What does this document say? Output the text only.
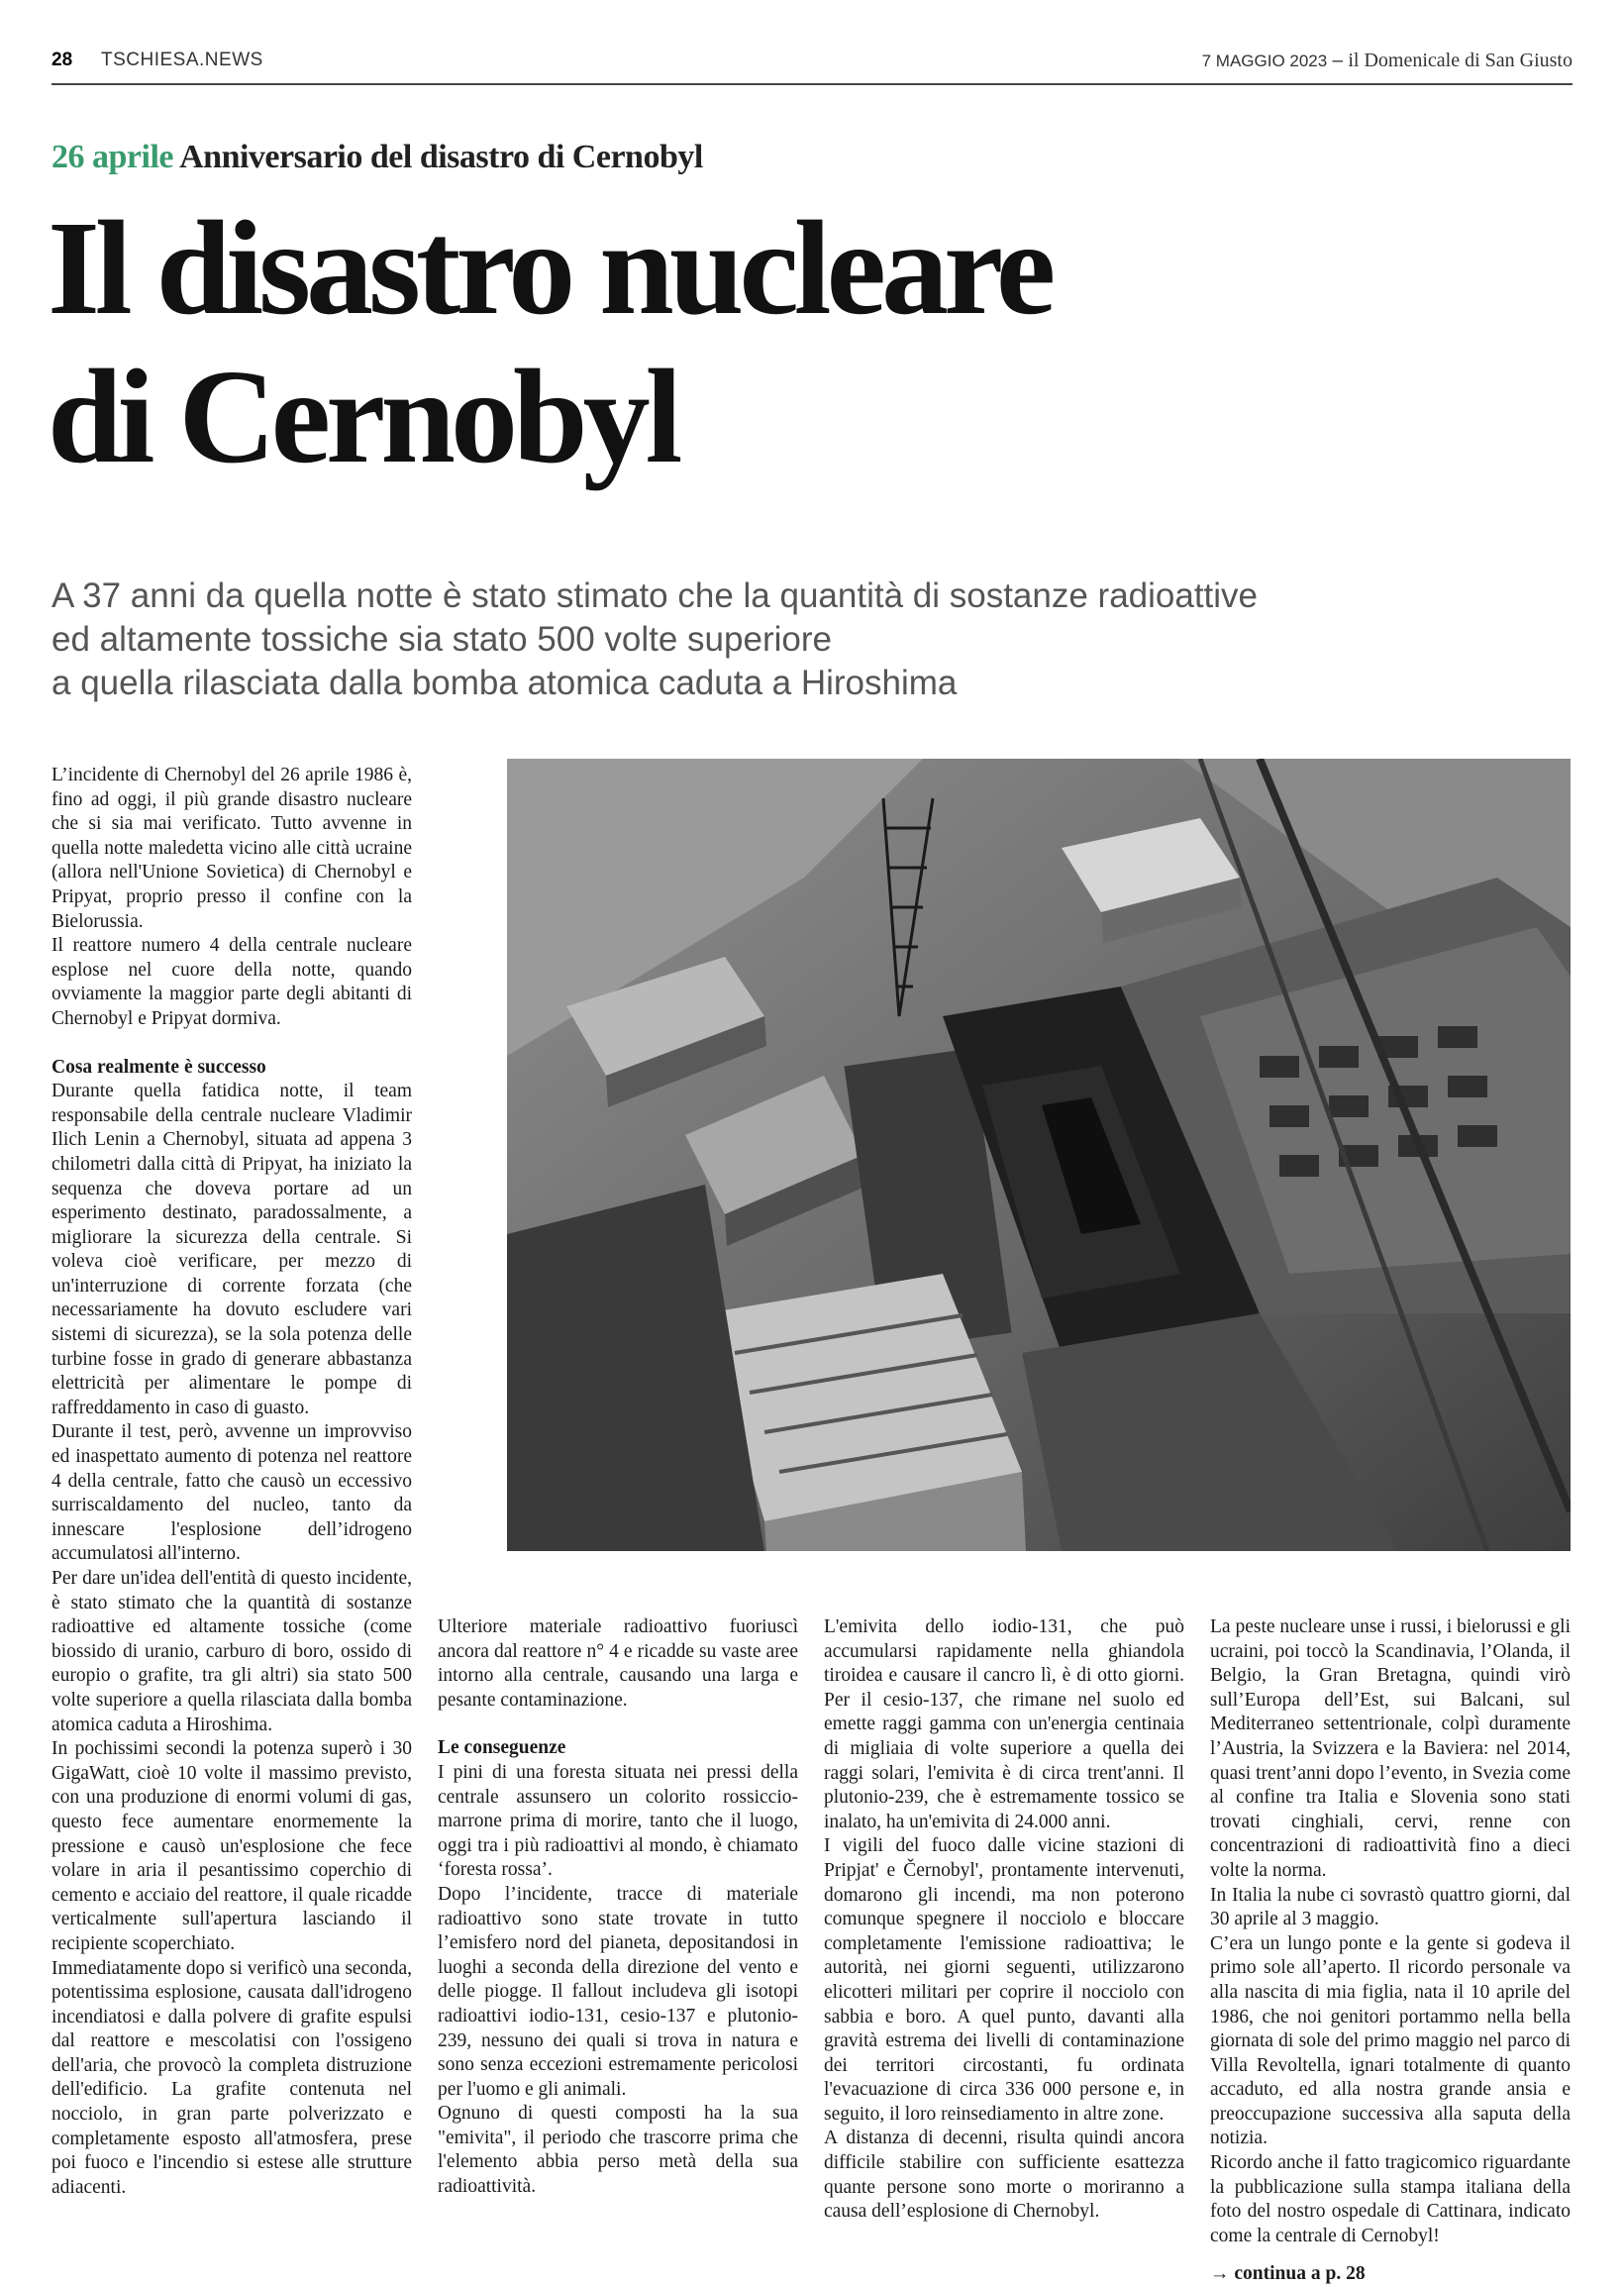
28 TSCHIESA.NEWS	7 MAGGIO 2023 – il Domenicale di San Giusto
26 aprile Anniversario del disastro di Cernobyl
Il disastro nucleare
di Cernobyl

A 37 anni da quella notte è stato stimato che la quantità di sostanze radioattive
ed altamente tossiche sia stato 500 volte superiore
a quella rilasciata dalla bomba atomica caduta a Hiroshima

L’incidente di Chernobyl del 26 aprile 1986 è, fino ad oggi, il più grande disastro nucleare che si sia mai verificato. Tutto avvenne in quella notte maledetta vicino alle città ucraine (allora nell'Unione Sovietica) di Chernobyl e Pripyat, proprio presso il confine con la Bielorussia.

Il reattore numero 4 della centrale nucleare esplose nel cuore della notte, quando ovviamente la maggior parte degli abitanti di Chernobyl e Pripyat dormiva.

Cosa realmente è successo

Durante quella fatidica notte, il team responsabile della centrale nucleare Vladimir Ilich Lenin a Chernobyl, situata ad appena 3 chilometri dalla città di Pripyat, ha iniziato la sequenza che doveva portare ad un esperimento destinato, paradossalmente, a migliorare la sicurezza della centrale. Si voleva cioè verificare, per mezzo di un'interruzione di corrente forzata (che necessariamente ha dovuto escludere vari sistemi di sicurezza), se la sola potenza delle turbine fosse in grado di generare abbastanza elettricità per alimentare le pompe di raffreddamento in caso di guasto.

Durante il test, però, avvenne un improvviso ed inaspettato aumento di potenza nel reattore 4 della centrale, fatto che causò un eccessivo surriscaldamento del nucleo, tanto da innescare l'esplosione dell’idrogeno accumulatosi all'interno.

Per dare un'idea dell'entità di questo incidente, è stato stimato che la quantità di sostanze radioattive ed altamente tossiche (come biossido di uranio, carburo di boro, ossido di europio o grafite, tra gli altri) sia stato 500 volte superiore a quella rilasciata dalla bomba atomica caduta a Hiroshima.

In pochissimi secondi la potenza superò i 30 GigaWatt, cioè 10 volte il massimo previsto, con una produzione di enormi volumi di gas, questo fece aumentare enormemente la pressione e causò un'esplosione che fece volare in aria il pesantissimo coperchio di cemento e acciaio del reattore, il quale ricadde verticalmente sull'apertura lasciando il recipiente scoperchiato.

Immediatamente dopo si verificò una seconda, potentissima esplosione, causata dall'idrogeno incendiatosi e dalla polvere di grafite espulsi dal reattore e mescolatisi con l'ossigeno dell'aria, che provocò la completa distruzione dell'edificio. La grafite contenuta nel nocciolo, in gran parte polverizzato e completamente esposto all'atmosfera, prese poi fuoco e l'incendio si estese alle strutture adiacenti.

Ulteriore materiale radioattivo fuoriuscì ancora dal reattore n° 4 e ricadde su vaste aree intorno alla centrale, causando una larga e pesante contaminazione.

Le conseguenze

I pini di una foresta situata nei pressi della centrale assunsero un colorito rossiccio-marrone prima di morire, tanto che il luogo, oggi tra i più radioattivi al mondo, è chiamato ‘foresta rossa’.

Dopo l’incidente, tracce di materiale radioattivo sono state trovate in tutto l’emisfero nord del pianeta, depositandosi in luoghi a seconda della direzione del vento e delle piogge. Il fallout includeva gli isotopi radioattivi iodio-131, cesio-137 e plutonio-239, nessuno dei quali si trova in natura e sono senza eccezioni estremamente pericolosi per l'uomo e gli animali.

Ognuno di questi composti ha la sua "emivita", il periodo che trascorre prima che l'elemento abbia perso metà della sua radioattività.

L'emivita dello iodio-131, che può accumularsi rapidamente nella ghiandola tiroidea e causare il cancro lì, è di otto giorni. Per il cesio-137, che rimane nel suolo ed emette raggi gamma con un'energia centinaia di migliaia di volte superiore a quella dei raggi solari, l'emivita è di circa trent'anni. Il plutonio-239, che è estremamente tossico se inalato, ha un'emivita di 24.000 anni.

I vigili del fuoco dalle vicine stazioni di Pripjat' e Černobyl', prontamente intervenuti, domarono gli incendi, ma non poterono comunque spegnere il nocciolo e bloccare completamente l'emissione radioattiva; le autorità, nei giorni seguenti, utilizzarono elicotteri militari per coprire il nocciolo con sabbia e boro. A quel punto, davanti alla gravità estrema dei livelli di contaminazione dei territori circostanti, fu ordinata l'evacuazione di circa 336 000 persone e, in seguito, il loro reinsediamento in altre zone.

A distanza di decenni, risulta quindi ancora difficile stabilire con sufficiente esattezza quante persone sono morte o moriranno a causa dell’esplosione di Chernobyl.

La peste nucleare unse i russi, i bielorussi e gli ucraini, poi toccò la Scandinavia, l’Olanda, il Belgio, la Gran Bretagna, quindi virò sull’Europa dell’Est, sui Balcani, sul Mediterraneo settentrionale, colpì duramente l’Austria, la Svizzera e la Baviera: nel 2014, quasi trent’anni dopo l’evento, in Svezia come al confine tra Italia e Slovenia sono stati trovati cinghiali, cervi, renne con concentrazioni di radioattività fino a dieci volte la norma.

In Italia la nube ci sovrastò quattro giorni, dal 30 aprile al 3 maggio.

C’era un lungo ponte e la gente si godeva il primo sole all’aperto. Il ricordo personale va alla nascita di mia figlia, nata il 10 aprile del 1986, che noi genitori portammo nella bella giornata di sole del primo maggio nel parco di Villa Revoltella, ignari totalmente di quanto accaduto, ed alla nostra grande ansia e preoccupazione successiva alla saputa della notizia.

Ricordo anche il fatto tragicomico riguardante la pubblicazione sulla stampa italiana della foto del nostro ospedale di Cattinara, indicato come la centrale di Cernobyl!

→ continua a p. 28
